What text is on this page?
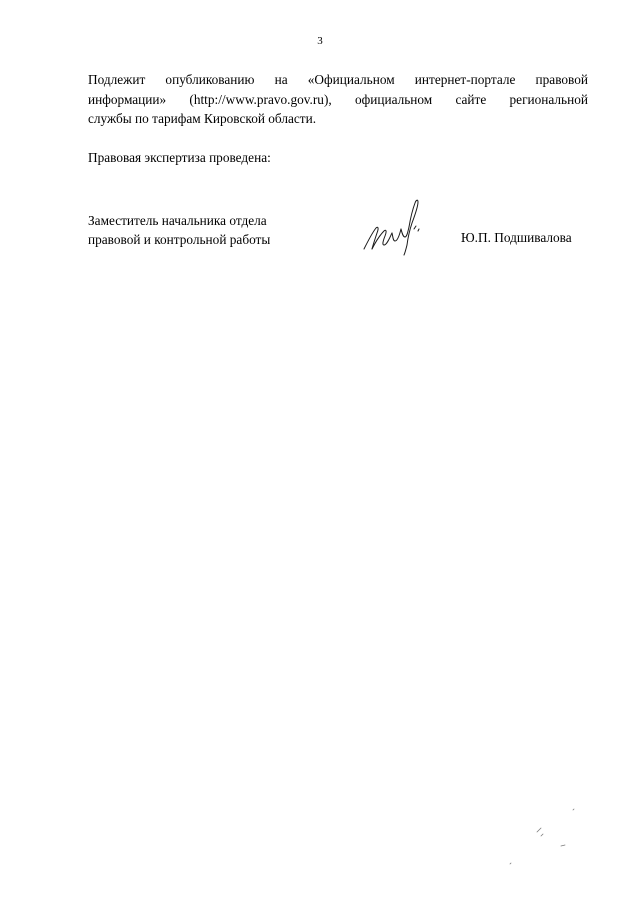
3
Подлежит опубликованию на «Официальном интернет-портале правовой
информации» (http://www.pravo.gov.ru), официальном сайте региональной
службы по тарифам Кировской области.
Правовая экспертиза проведена:
Заместитель начальника отдела
правовой и контрольной работы	Ю.П. Подшивалова
